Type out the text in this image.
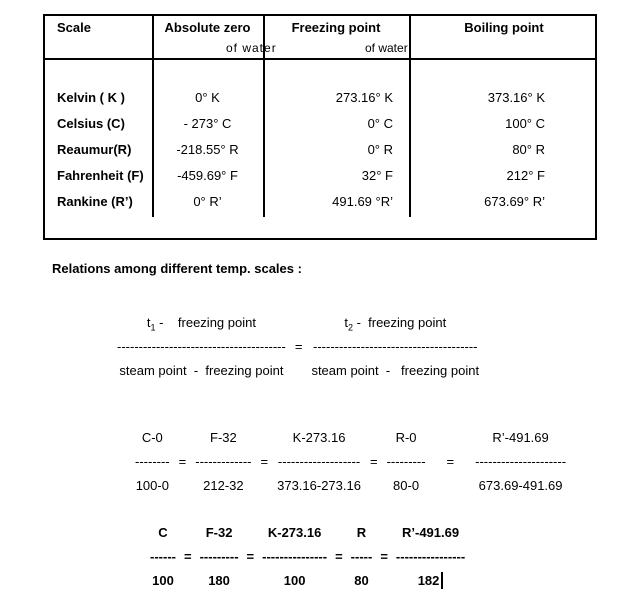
Scale	Absolute zero	Freezing point	Boiling point
of water	of water
Kelvin ( K )	0° K	273.16° K	373.16° K
Celsius (C)	- 273° C	0° C	100° C
Reaumur(R)	-218.55° R	0° R	80° R
Fahrenheit (F)	-459.69° F	32° F	212° F
Rankine (R’)	0° R’	491.69 °R’	673.69° R’
Relations among different temp. scales :
$t_1$ -    freezing point
---------------------------------------
steam point  -  freezing point
=
$t_2$ -  freezing point
--------------------------------------
steam point  -   freezing point
C-0
--------
100-0
=
F-32
-------------
212-32
=
K-273.16
-------------------
373.16-273.16
=
R-0
---------
80-0
=
R’-491.69
---------------------
673.69-491.69
C
------
100
=
F-32
---------
180
=
K-273.16
---------------
100
=
R
-----
80
=
R’-491.69
----------------
182
